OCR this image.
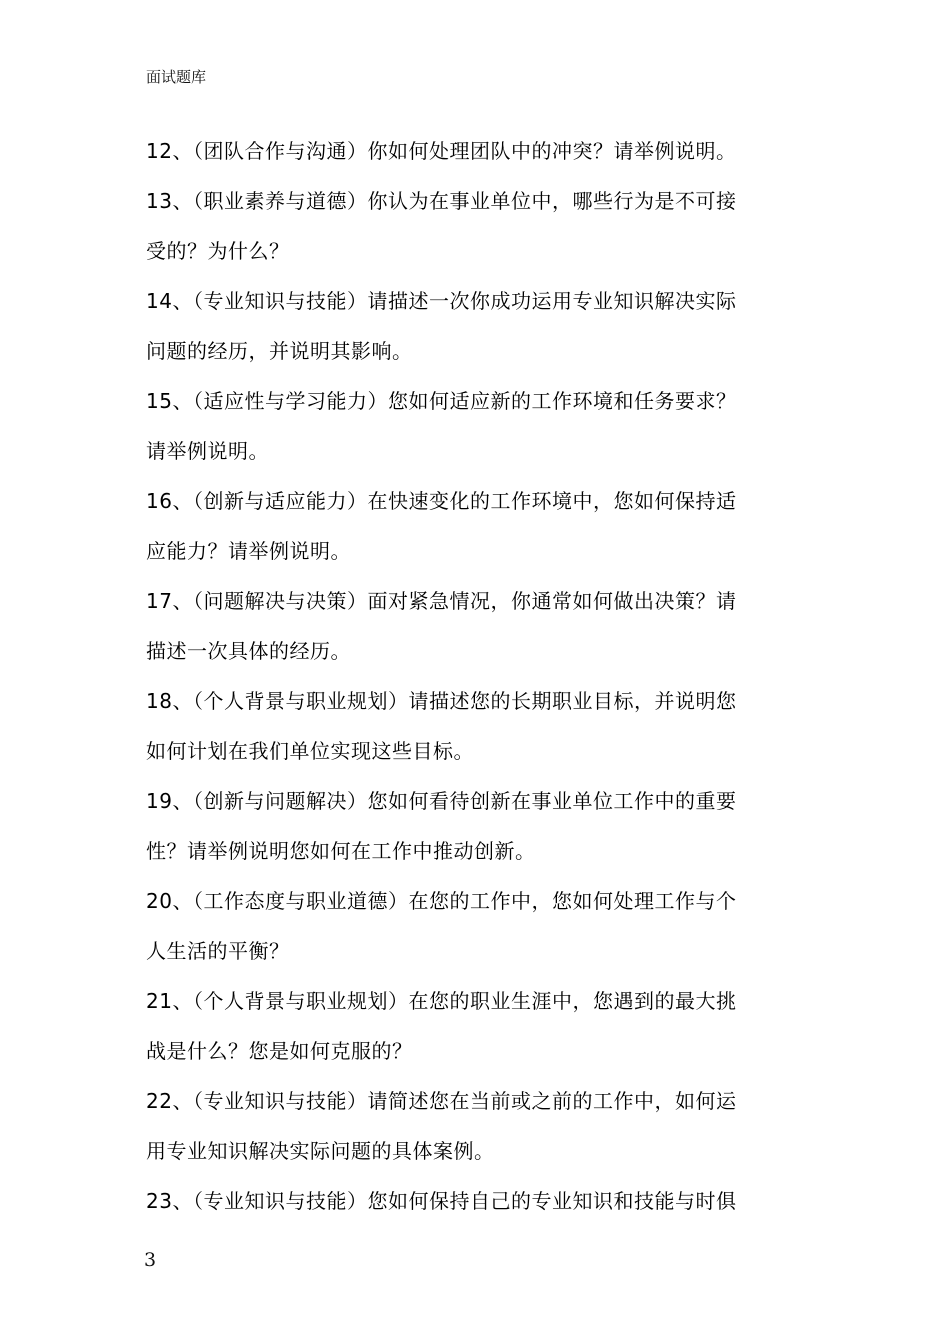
面试题库
12、（团队合作与沟通）你如何处理团队中的冲突？请举例说明。
13、（职业素养与道德）你认为在事业单位中，哪些行为是不可接
受的？为什么？
14、（专业知识与技能）请描述一次你成功运用专业知识解决实际
问题的经历，并说明其影响。
15、（适应性与学习能力）您如何适应新的工作环境和任务要求？
请举例说明。
16、（创新与适应能力）在快速变化的工作环境中，您如何保持适
应能力？请举例说明。
17、（问题解决与决策）面对紧急情况，你通常如何做出决策？请
描述一次具体的经历。
18、（个人背景与职业规划）请描述您的长期职业目标，并说明您
如何计划在我们单位实现这些目标。
19、（创新与问题解决）您如何看待创新在事业单位工作中的重要
性？请举例说明您如何在工作中推动创新。
20、（工作态度与职业道德）在您的工作中，您如何处理工作与个
人生活的平衡？
21、（个人背景与职业规划）在您的职业生涯中，您遇到的最大挑
战是什么？您是如何克服的？
22、（专业知识与技能）请简述您在当前或之前的工作中，如何运
用专业知识解决实际问题的具体案例。
23、（专业知识与技能）您如何保持自己的专业知识和技能与时俱
3
